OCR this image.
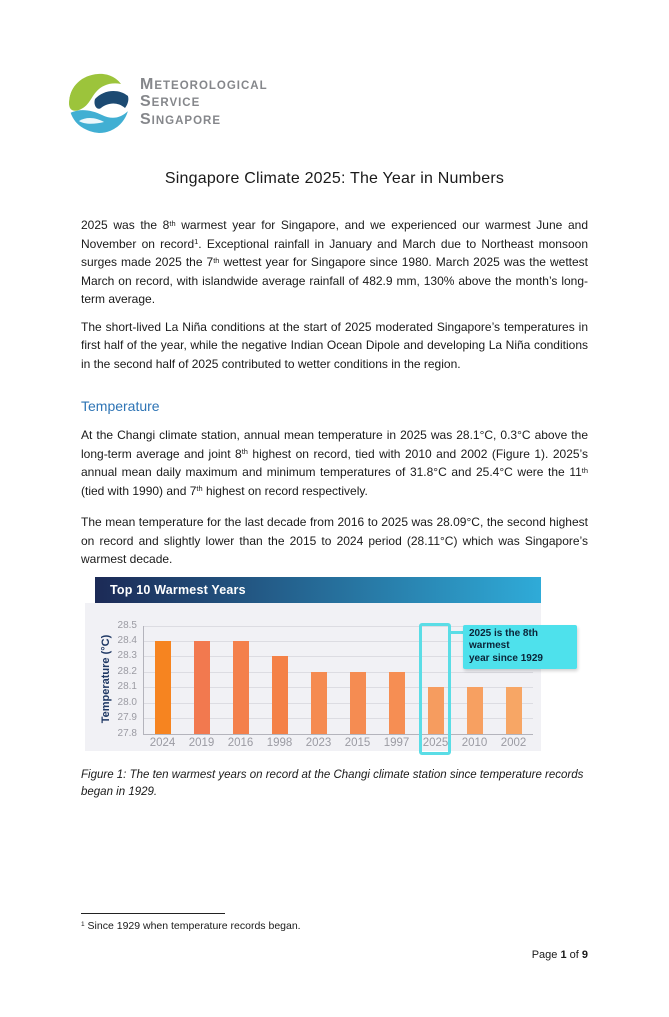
METEOROLOGICAL
SERVICE
SINGAPORE
Singapore Climate 2025: The Year in Numbers

2025 was the 8th warmest year for Singapore, and we experienced our warmest June and November on record$^1$. Exceptional rainfall in January and March due to Northeast monsoon surges made 2025 the 7th wettest year for Singapore since 1980. March 2025 was the wettest March on record, with islandwide average rainfall of 482.9 mm, 130% above the month’s long-term average.

The short-lived La Niña conditions at the start of 2025 moderated Singapore’s temperatures in first half of the year, while the negative Indian Ocean Dipole and developing La Niña conditions in the second half of 2025 contributed to wetter conditions in the region.

Temperature

At the Changi climate station, annual mean temperature in 2025 was 28.1°C, 0.3°C above the long-term average and joint 8th highest on record, tied with 2010 and 2002 (Figure 1). 2025’s annual mean daily maximum and minimum temperatures of 31.8°C and 25.4°C were the 11th (tied with 1990) and 7th highest on record respectively.

The mean temperature for the last decade from 2016 to 2025 was 28.09°C, the second highest on record and slightly lower than the 2015 to 2024 period (28.11°C) which was Singapore’s warmest decade.

Top 10 Warmest Years
Temperature (°C)
28.5
28.4
28.3
28.2
28.1
28.0
27.9
27.8
2024	2019	2016	1998	2023	2015	1997	2025	2010	2002
2025 is the 8th warmest
year since 1929

Figure 1: The ten warmest years on record at the Changi climate station since temperature records began in 1929.

$^1$ Since 1929 when temperature records began.

Page 1 of 9
